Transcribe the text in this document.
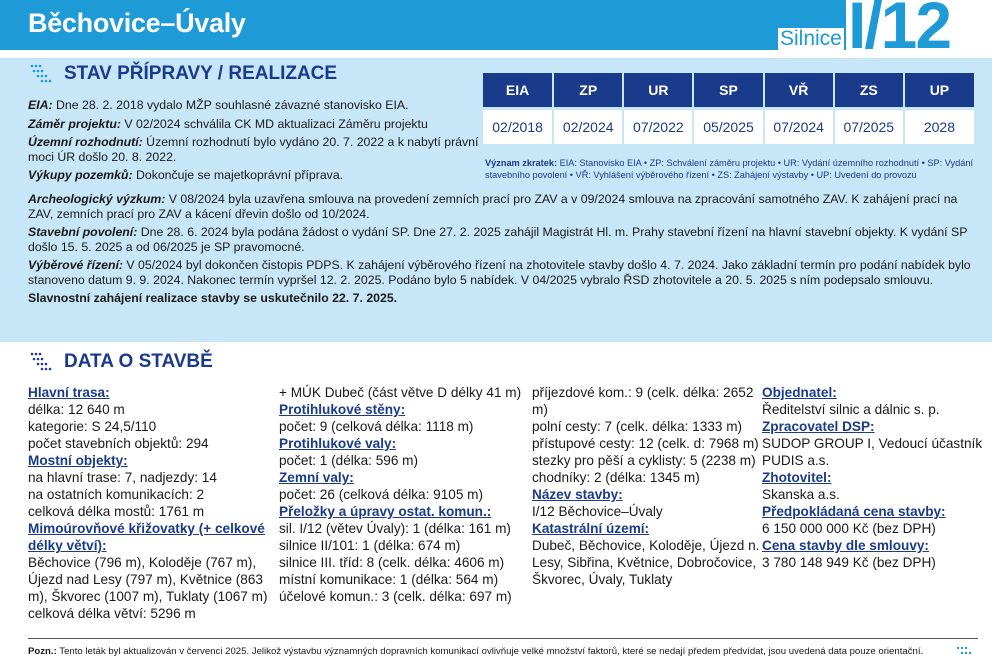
Běchovice–Úvaly
Silnice I/12
STAV PŘÍPRAVY / REALIZACE
EIA: Dne 28. 2. 2018 vydalo MŽP souhlasné závazné stanovisko EIA.
Záměr projektu: V 02/2024 schválila CK MD aktualizaci Záměru projektu
Územní rozhodnutí: Územní rozhodnutí bylo vydáno 20. 7. 2022 a k nabytí právní moci ÚR došlo 20. 8. 2022.
Výkupy pozemků: Dokončuje se majetkoprávní příprava.
Archeologický výzkum: V 08/2024 byla uzavřena smlouva na provedení zemních prací pro ZAV a v 09/2024 smlouva na zpracování samotného ZAV. K zahájení prací na ZAV, zemních prací pro ZAV a kácení dřevin došlo od 10/2024.
Stavební povolení: Dne 28. 6. 2024 byla podána žádost o vydání SP. Dne 27. 2. 2025 zahájil Magistrát Hl. m. Prahy stavební řízení na hlavní stavební objekty. K vydání SP došlo 15. 5. 2025 a od 06/2025 je SP pravomocné.
Výběrové řízení: V 05/2024 byl dokončen čistopis PDPS. K zahájení výběrového řízení na zhotovitele stavby došlo 4. 7. 2024. Jako základní termín pro podání nabídek bylo stanoveno datum 9. 9. 2024. Nakonec termín vypršel 12. 2. 2025. Podáno bylo 5 nabídek. V 04/2025 vybralo ŘSD zhotovitele a 20. 5. 2025 s ním podepsalo smlouvu.
Slavnostní zahájení realizace stavby se uskutečnilo 22. 7. 2025.
EIA	ZP	UR	SP	VŘ	ZS	UP
02/2018	02/2024	07/2022	05/2025	07/2024	07/2025	2028
Význam zkratek: EIA: Stanovisko EIA • ZP: Schválení záměru projektu • UR: Vydání územního rozhodnutí • SP: Vydání stavebního povolení • VŘ: Vyhlášení výběrového řízení • ZS: Zahájení výstavby • UP: Uvedení do provozu
DATA O STAVBĚ
Hlavní trasa:
délka: 12 640 m
kategorie: S 24,5/110
počet stavebních objektů: 294
Mostní objekty:
na hlavní trase: 7, nadjezdy: 14
na ostatních komunikacích: 2
celková délka mostů: 1761 m
Mimoúrovňové křižovatky (+ celkové délky větví):
Běchovice (796 m), Koloděje (767 m), Újezd nad Lesy (797 m), Květnice (863 m), Škvorec (1007 m), Tuklaty (1067 m)
celková délka větví: 5296 m
+ MÚK Dubeč (část větve D délky 41 m)
Protihlukové stěny:
počet: 9 (celková délka: 1118 m)
Protihlukové valy:
počet: 1 (délka: 596 m)
Zemní valy:
počet: 26 (celková délka: 9105 m)
Přeložky a úpravy ostat. komun.:
sil. I/12 (větev Úvaly): 1 (délka: 161 m)
silnice II/101: 1 (délka: 674 m)
silnice III. tříd: 8 (celk. délka: 4606 m)
místní komunikace: 1 (délka: 564 m)
účelové komun.: 3 (celk. délka: 697 m)
příjezdové kom.: 9 (celk. délka: 2652 m)
polní cesty: 7 (celk. délka: 1333 m)
přístupové cesty: 12 (celk. d: 7968 m)
stezky pro pěší a cyklisty: 5 (2238 m)
chodníky: 2 (délka: 1345 m)
Název stavby:
I/12 Běchovice–Úvaly
Katastrální území:
Dubeč, Běchovice, Koloděje, Újezd n. Lesy, Sibřina, Květnice, Dobročovice, Škvorec, Úvaly, Tuklaty
Objednatel:
Ředitelství silnic a dálnic s. p.
Zpracovatel DSP:
SUDOP GROUP I, Vedoucí účastník PUDIS a.s.
Zhotovitel:
Skanska a.s.
Předpokládaná cena stavby:
6 150 000 000 Kč (bez DPH)
Cena stavby dle smlouvy:
3 780 148 949 Kč (bez DPH)
Pozn.: Tento leták byl aktualizován v červenci 2025. Jelikož výstavbu významných dopravních komunikací ovlivňuje velké množství faktorů, které se nedají předem předvídat, jsou uvedená data pouze orientační.
